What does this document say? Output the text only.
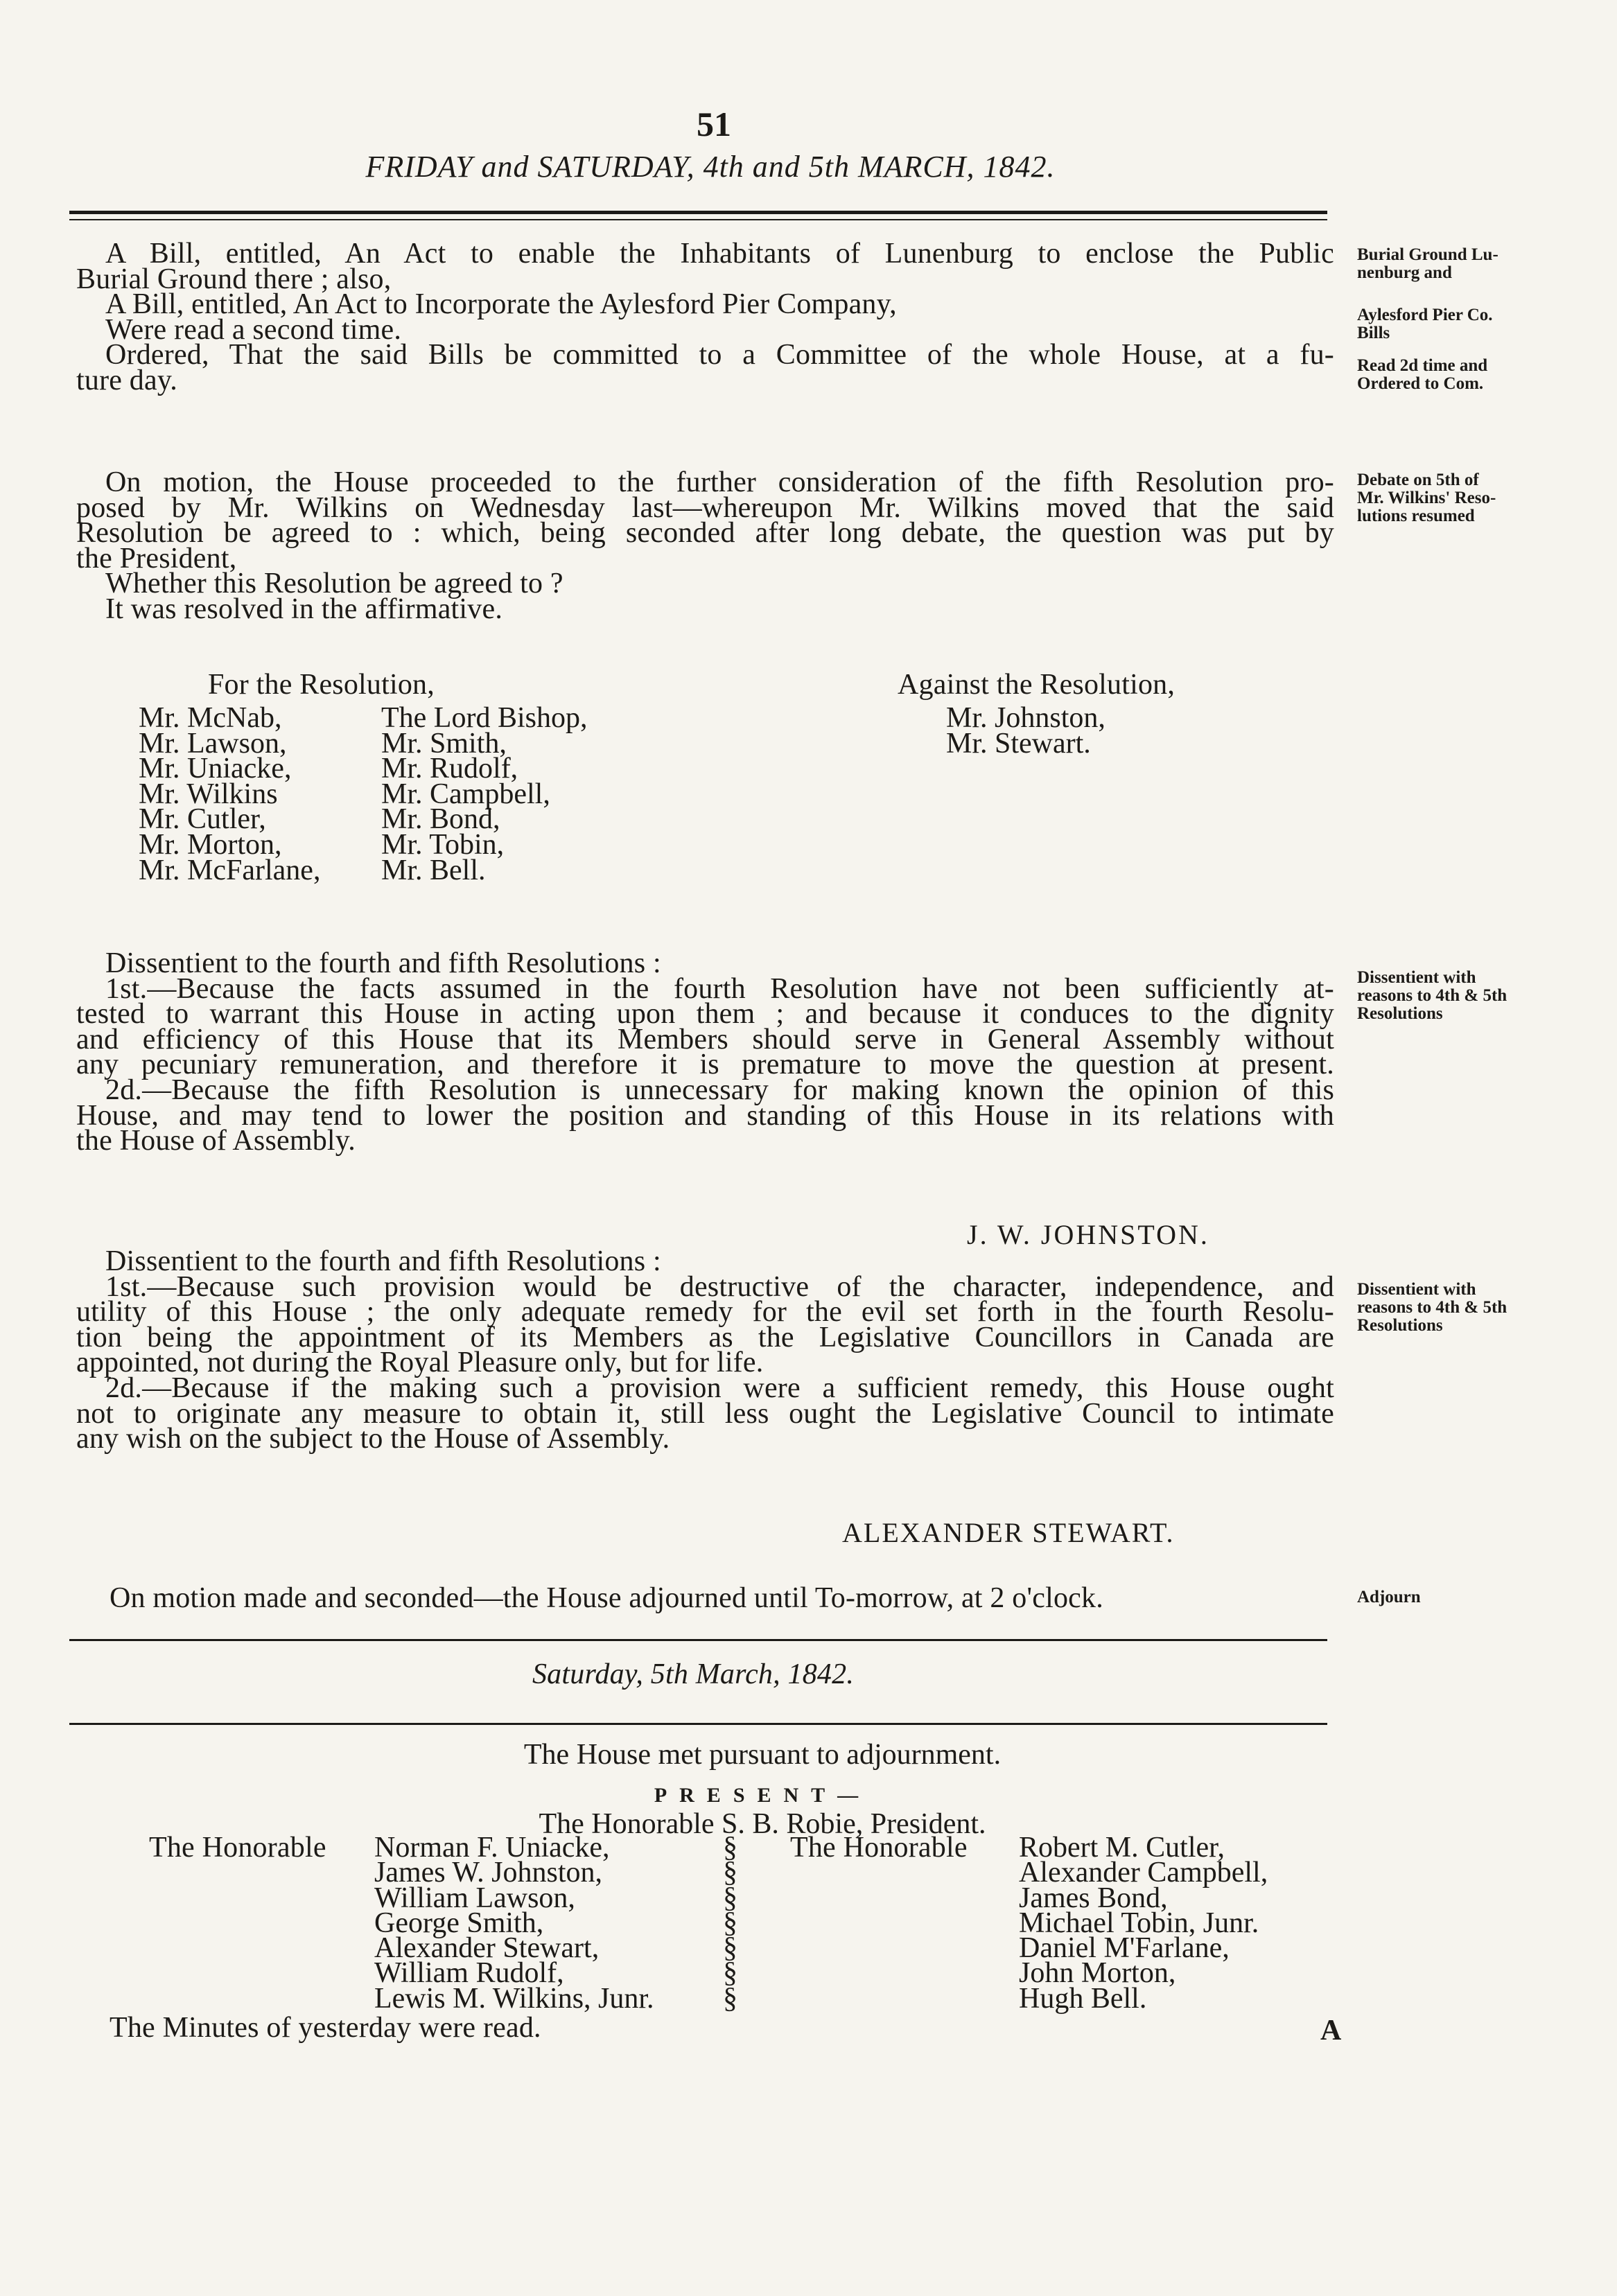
51
FRIDAY and SATURDAY, 4th and 5th MARCH, 1842.
A Bill, entitled, An Act to enable the Inhabitants of Lunenburg to enclose the Public
Burial Ground there ; also,
A Bill, entitled, An Act to Incorporate the Aylesford Pier Company,
Were read a second time.
Ordered, That the said Bills be committed to a Committee of the whole House, at a fu-
ture day.
On motion, the House proceeded to the further consideration of the fifth Resolution pro-
posed by Mr. Wilkins on Wednesday last—whereupon Mr. Wilkins moved that the said
Resolution be agreed to : which, being seconded after long debate, the question was put by
the President,
Whether this Resolution be agreed to ?
It was resolved in the affirmative.
For the Resolution,
Mr. McNab,
Mr. Lawson,
Mr. Uniacke,
Mr. Wilkins
Mr. Cutler,
Mr. Morton,
Mr. McFarlane,
The Lord Bishop,
Mr. Smith,
Mr. Rudolf,
Mr. Campbell,
Mr. Bond,
Mr. Tobin,
Mr. Bell.
Against the Resolution,
Mr. Johnston,
Mr. Stewart.
Dissentient to the fourth and fifth Resolutions :
1st.—Because the facts assumed in the fourth Resolution have not been sufficiently at-
tested to warrant this House in acting upon them ; and because it conduces to the dignity
and efficiency of this House that its Members should serve in General Assembly without
any pecuniary remuneration, and therefore it is premature to move the question at present.
2d.—Because the fifth Resolution is unnecessary for making known the opinion of this
House, and may tend to lower the position and standing of this House in its relations with
the House of Assembly.
J. W. JOHNSTON.
Dissentient to the fourth and fifth Resolutions :
1st.—Because such provision would be destructive of the character, independence, and
utility of this House ; the only adequate remedy for the evil set forth in the fourth Resolu-
tion being the appointment of its Members as the Legislative Councillors in Canada are
appointed, not during the Royal Pleasure only, but for life.
2d.—Because if the making such a provision were a sufficient remedy, this House ought
not to originate any measure to obtain it, still less ought the Legislative Council to intimate
any wish on the subject to the House of Assembly.
ALEXANDER STEWART.
On motion made and seconded—the House adjourned until To-morrow, at 2 o'clock.
Saturday, 5th March, 1842.
The House met pursuant to adjournment.
PRESENT—
The Honorable S. B. Robie, President.
The Honorable Norman F. Uniacke,
James W. Johnston,
William Lawson,
George Smith,
Alexander Stewart,
William Rudolf,
Lewis M. Wilkins, Junr.
§
§
§
§
§
§
§
The Honorable Robert M. Cutler,
Alexander Campbell,
James Bond,
Michael Tobin, Junr.
Daniel M'Farlane,
John Morton,
Hugh Bell.
The Minutes of yesterday were read.	A
Burial Ground Lu-
nenburg and
Aylesford Pier Co.
Bills
Read 2d time and
Ordered to Com.
Debate on 5th of
Mr. Wilkins' Reso-
lutions resumed
Dissentient with
reasons to 4th & 5th
Resolutions
Dissentient with
reasons to 4th & 5th
Resolutions
Adjourn
